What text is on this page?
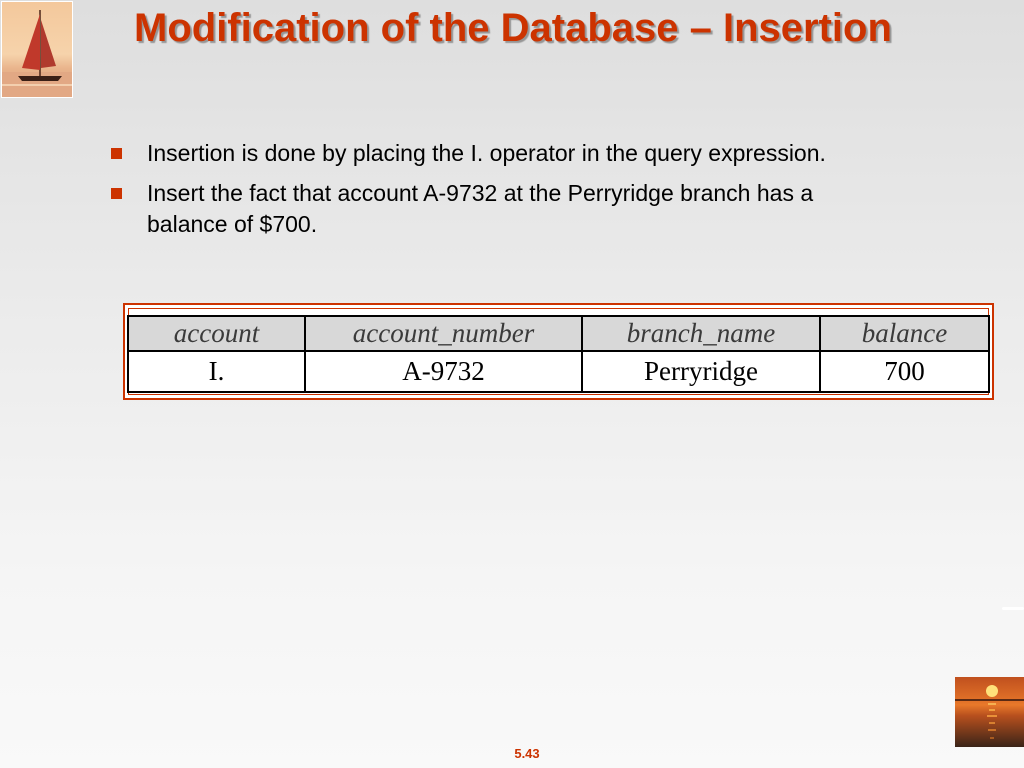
Modification of the Database – Insertion
Insertion is done by placing the I. operator in the query expression.
Insert the fact that account A-9732 at the Perryridge branch has a balance of $700.
account	account_number	branch_name	balance
I.	A-9732	Perryridge	700
5.43
